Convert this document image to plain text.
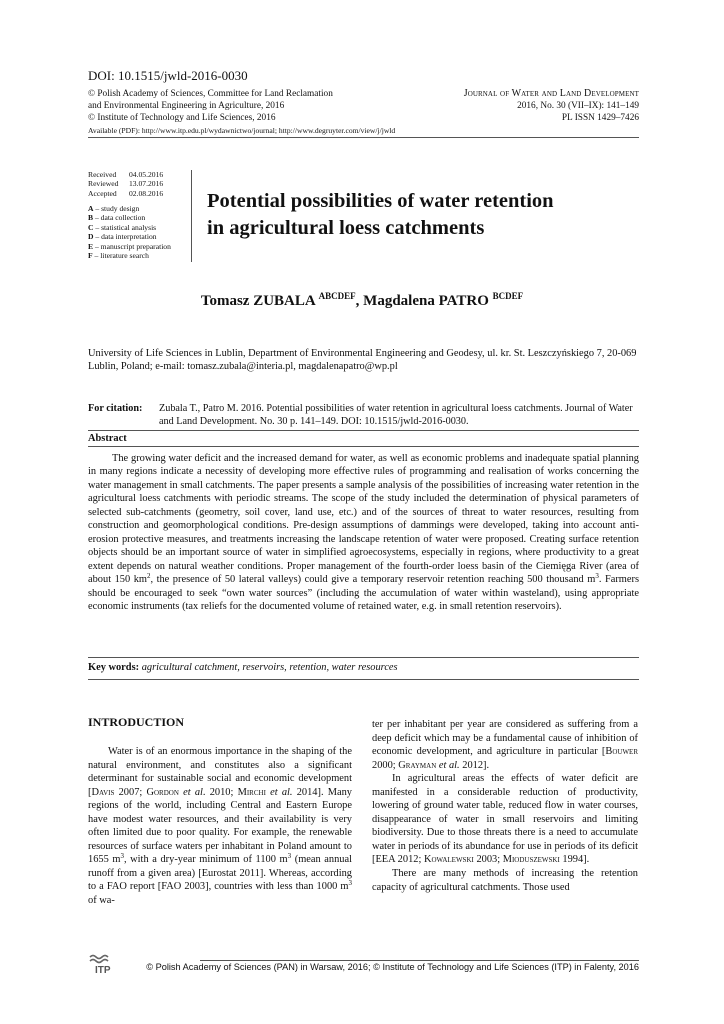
DOI: 10.1515/jwld-2016-0030
© Polish Academy of Sciences, Committee for Land Reclamation
and Environmental Engineering in Agriculture, 2016
© Institute of Technology and Life Sciences, 2016
Journal of Water and Land Development
2016, No. 30 (VII–IX): 141–149
PL ISSN 1429–7426
Available (PDF): http://www.itp.edu.pl/wydawnictwo/journal; http://www.degruyter.com/view/j/jwld
Received 04.05.2016
Reviewed 13.07.2016
Accepted 02.08.2016
A – study design
B – data collection
C – statistical analysis
D – data interpretation
E – manuscript preparation
F – literature search
Potential possibilities of water retention
in agricultural loess catchments
Tomasz ZUBALA $^{ABCDEF}$, Magdalena PATRO $^{BCDEF}$
University of Life Sciences in Lublin, Department of Environmental Engineering and Geodesy, ul. kr. St. Leszczyńskiego 7, 20-069 Lublin, Poland; e-mail: tomasz.zubala@interia.pl, magdalenapatro@wp.pl
For citation: Zubala T., Patro M. 2016. Potential possibilities of water retention in agricultural loess catchments. Journal of Water and Land Development. No. 30 p. 141–149. DOI: 10.1515/jwld-2016-0030.
Abstract
The growing water deficit and the increased demand for water, as well as economic problems and inadequate spatial planning in many regions indicate a necessity of developing more effective rules of programming and realisation of works concerning the water management in small catchments. The paper presents a sample analysis of the possibilities of increasing water retention in the agricultural loess catchments with periodic streams. The scope of the study included the determination of physical parameters of selected sub-catchments (geometry, soil cover, land use, etc.) and of the sources of threat to water resources, resulting from construction and geomorphological conditions. Pre-design assumptions of dammings were developed, taking into account anti-erosion protective measures, and treatments increasing the landscape retention of water were proposed. Creating surface retention objects should be an important source of water in simplified agroecosystems, especially in regions, where productivity to a great extent depends on natural weather conditions. Proper management of the fourth-order loess basin of the Ciemięga River (area of about 150 $km^2$, the presence of 50 lateral valleys) could give a temporary reservoir retention reaching 500 thousand $m^3$. Farmers should be encouraged to seek “own water sources” (including the accumulation of water within wasteland), using appropriate economic instruments (tax reliefs for the documented volume of retained water, e.g. in small retention reservoirs).
Key words: agricultural catchment, reservoirs, retention, water resources
INTRODUCTION

Water is of an enormous importance in the shaping of the natural environment, and constitutes also a significant determinant for sustainable social and economic development [Davis 2007; Gordon et al. 2010; Mirchi et al. 2014]. Many regions of the world, including Central and Eastern Europe have modest water resources, and their availability is very often limited due to poor quality. For example, the renewable resources of surface waters per inhabitant in Poland amount to 1655 $m^3$, with a dry-year minimum of 1100 $m^3$ (mean annual runoff from a given area) [Eurostat 2011]. Whereas, according to a FAO report [FAO 2003], countries with less than 1000 $m^3$ of wa-

ter per inhabitant per year are considered as suffering from a deep deficit which may be a fundamental cause of inhibition of economic development, and agriculture in particular [Bouwer 2000; Grayman et al. 2012].

In agricultural areas the effects of water deficit are manifested in a considerable reduction of productivity, lowering of ground water table, reduced flow in water courses, disappearance of water in small reservoirs and limiting biodiversity. Due to those threats there is a need to accumulate water in periods of its abundance for use in periods of its deficit [EEA 2012; Kowalewski 2003; Mioduszewski 1994].

There are many methods of increasing the retention capacity of agricultural catchments. Those used

ITP	© Polish Academy of Sciences (PAN) in Warsaw, 2016; © Institute of Technology and Life Sciences (ITP) in Falenty, 2016
